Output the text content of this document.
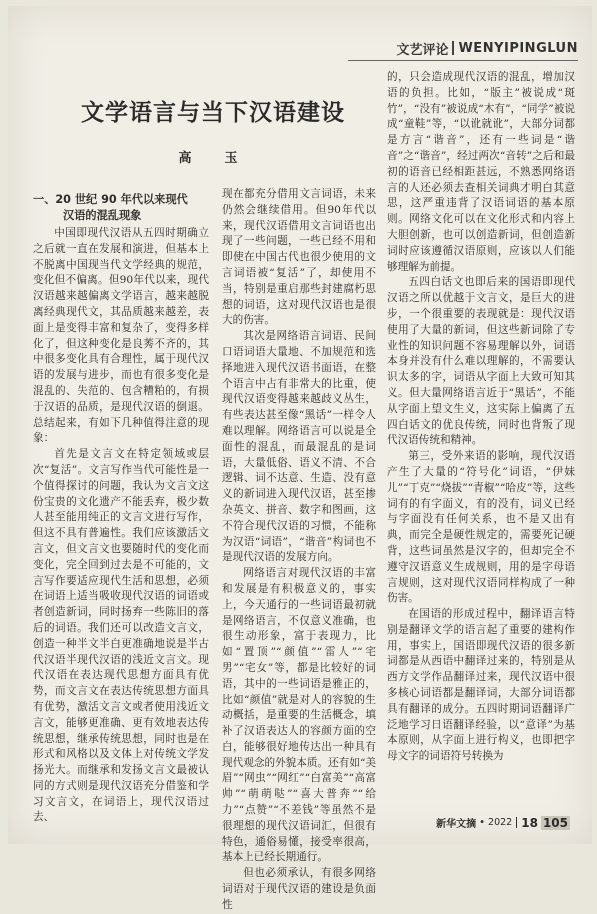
文艺评论 WENYIPINGLUN
文学语言与当下汉语建设
高　玉
一、20 世纪 90 年代以来现代
汉语的混乱现象

中国即现代汉语从五四时期确立之后就一直在发展和演进，但基本上不脱离中国现当代文学经典的规范，变化但不偏离。但90年代以来，现代汉语越来越偏离文学语言，越来越脱离经典现代文，其品质越来越差，表面上是变得丰富和复杂了，变得多样化了，但这种变化是良莠不齐的，其中很多变化具有合理性，属于现代汉语的发展与进步，而也有很多变化是混乱的、失范的、包含糟粕的，有损于汉语的品质，是现代汉语的倒退。总结起来，有如下几种值得注意的现象：

首先是文言文在特定领域或层次“复活”。文言写作当代可能性是一个值得探讨的问题，我认为文言文这份宝贵的文化遗产不能丢弃，极少数人甚至能用纯正的文言文进行写作，但这不具有普遍性。我们应该激活文言文，但文言文也要随时代的变化而变化，完全回到过去是不可能的，文言写作要适应现代生活和思想，必须在词语上适当吸收现代汉语的词语或者创造新词，同时扬弃一些陈旧的落后的词语。我们还可以改造文言文，创造一种半文半白更准确地说是半古代汉语半现代汉语的浅近文言文。现代汉语在表达现代思想方面具有优势，而文言文在表达传统思想方面具有优势，激活文言文或者使用浅近文言文，能够更准确、更有效地表达传统思想，继承传统思想，同时也是在形式和风格以及文体上对传统文学发扬光大。而继承和发扬文言文最被认同的方式则是现代汉语充分借鉴和学习文言文，在词语上，现代汉语过去、

现在都充分借用文言词语，未来仍然会继续借用。但90年代以来，现代汉语借用文言词语也出现了一些问题，一些已经不用和即使在中国古代也很少使用的文言词语被“复活”了，却使用不当，特别是重启那些封建腐朽思想的词语，这对现代汉语也是很大的伤害。

其次是网络语言词语、民间口语词语大量地、不加规范和选择地进入现代汉语书面语，在整个语言中占有非常大的比重，使现代汉语变得越来越歧义丛生，有些表达甚至像“黑话”一样令人难以理解。网络语言可以说是全面性的混乱，而最混乱的是词语，大量低俗、语义不清、不合逻辑、词不达意、生造、没有意义的新词进入现代汉语，甚至掺杂英文、拼音、数字和图画，这不符合现代汉语的习惯，不能称为汉语“词语”，“谐音”构词也不是现代汉语的发展方向。

网络语言对现代汉语的丰富和发展是有积极意义的，事实上，今天通行的一些词语最初就是网络语言，不仅意义准确，也很生动形象，富于表现力，比如“置顶”“颜值”“雷人”“宅男”“宅女”等，都是比较好的词语，其中的一些词语是雅正的，比如“颜值”就是对人的容貌的生动概括，是重要的生活概念，填补了汉语表达人的容颜方面的空白，能够很好地传达出一种具有现代观念的外貌本质。还有如“美眉”“网虫”“网红”“白富美”“高富帅”“萌萌哒”“喜大普奔”“给力”“点赞”“不差钱”等虽然不是很理想的现代汉语词汇，但很有特色，通俗易懂，接受率很高，基本上已经长期通行。

但也必须承认，有很多网络词语对于现代汉语的建设是负面性

的，只会造成现代汉语的混乱，增加汉语的负担。比如，“版主”被说成“斑竹”，“没有”被说成“木有”，“同学”被说成“童鞋”等，“以讹就讹”，大部分词都是方言“谐音”，还有一些词是“谐音”之“谐音”，经过两次“音转”之后和最初的语音已经相距甚远，不熟悉网络语言的人还必须去查相关词典才明白其意思，这严重违背了汉语词语的基本原则。网络文化可以在文化形式和内容上大胆创新，也可以创造新词，但创造新词时应该遵循汉语原则，应该以人们能够理解为前提。

五四白话文也即后来的国语即现代汉语之所以优越于文言文，是巨大的进步，一个很重要的表现就是：现代汉语使用了大量的新词，但这些新词除了专业性的知识问题不容易理解以外，词语本身并没有什么难以理解的，不需要认识太多的字，词语从字面上大致可知其义。但大量网络语言近于“黑话”，不能从字面上望文生义，这实际上偏离了五四白话文的优良传统，同时也背叛了现代汉语传统和精神。

第三，受外来语的影响，现代汉语产生了大量的“符号化”词语，“伊妹儿”“丁克”“烧拔”“青椒”“哈皮”等，这些词有的有字面义，有的没有，词义已经与字面没有任何关系，也不是又出有典，而完全是硬性规定的，需要死记硬背，这些词虽然是汉字的，但却完全不遵守汉语意义生成规则，用的是字母语言规则，这对现代汉语同样构成了一种伤害。

在国语的形成过程中，翻译语言特别是翻译文学的语言起了重要的建构作用，事实上，国语即现代汉语的很多新词都是从西语中翻译过来的，特别是从西方文学作品翻译过来，现代汉语中很多核心词语都是翻译词，大部分词语都具有翻译的成分。五四时期词语翻译广泛地学习日语翻译经验，以“意译”为基本原则，从字面上进行构义，也即把字母文字的词语符号转换为

新华文摘 • 2022 18 105
